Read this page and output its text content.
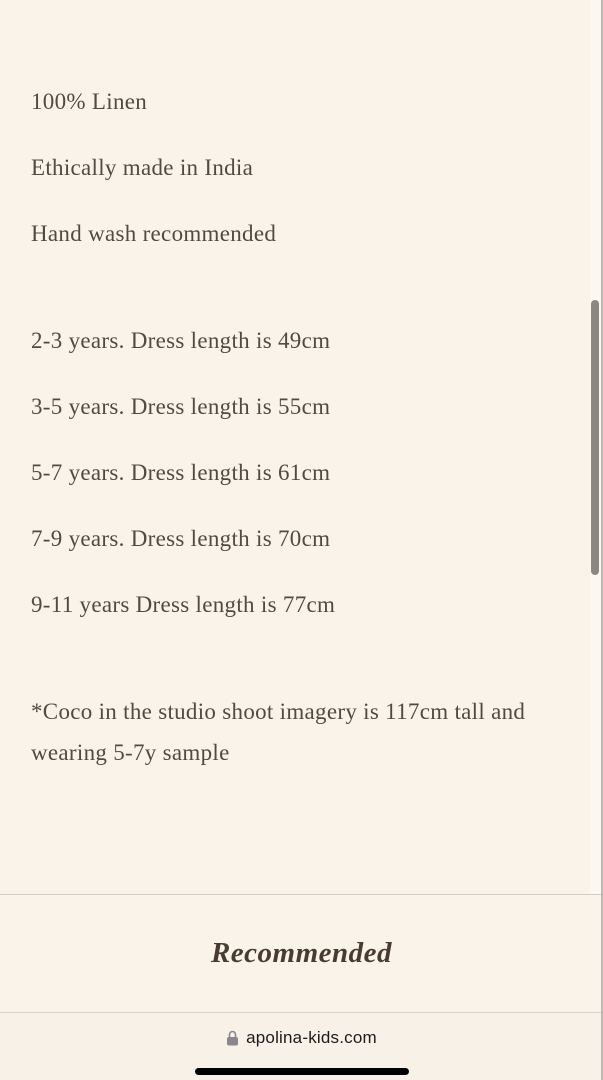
100% Linen

Ethically made in India

Hand wash recommended

2-3 years. Dress length is 49cm

3-5 years. Dress length is 55cm

5-7 years. Dress length is 61cm

7-9 years. Dress length is 70cm

9-11 years Dress length is 77cm

*Coco in the studio shoot imagery is 117cm tall and wearing 5-7y sample

Recommended
apolina-kids.com
